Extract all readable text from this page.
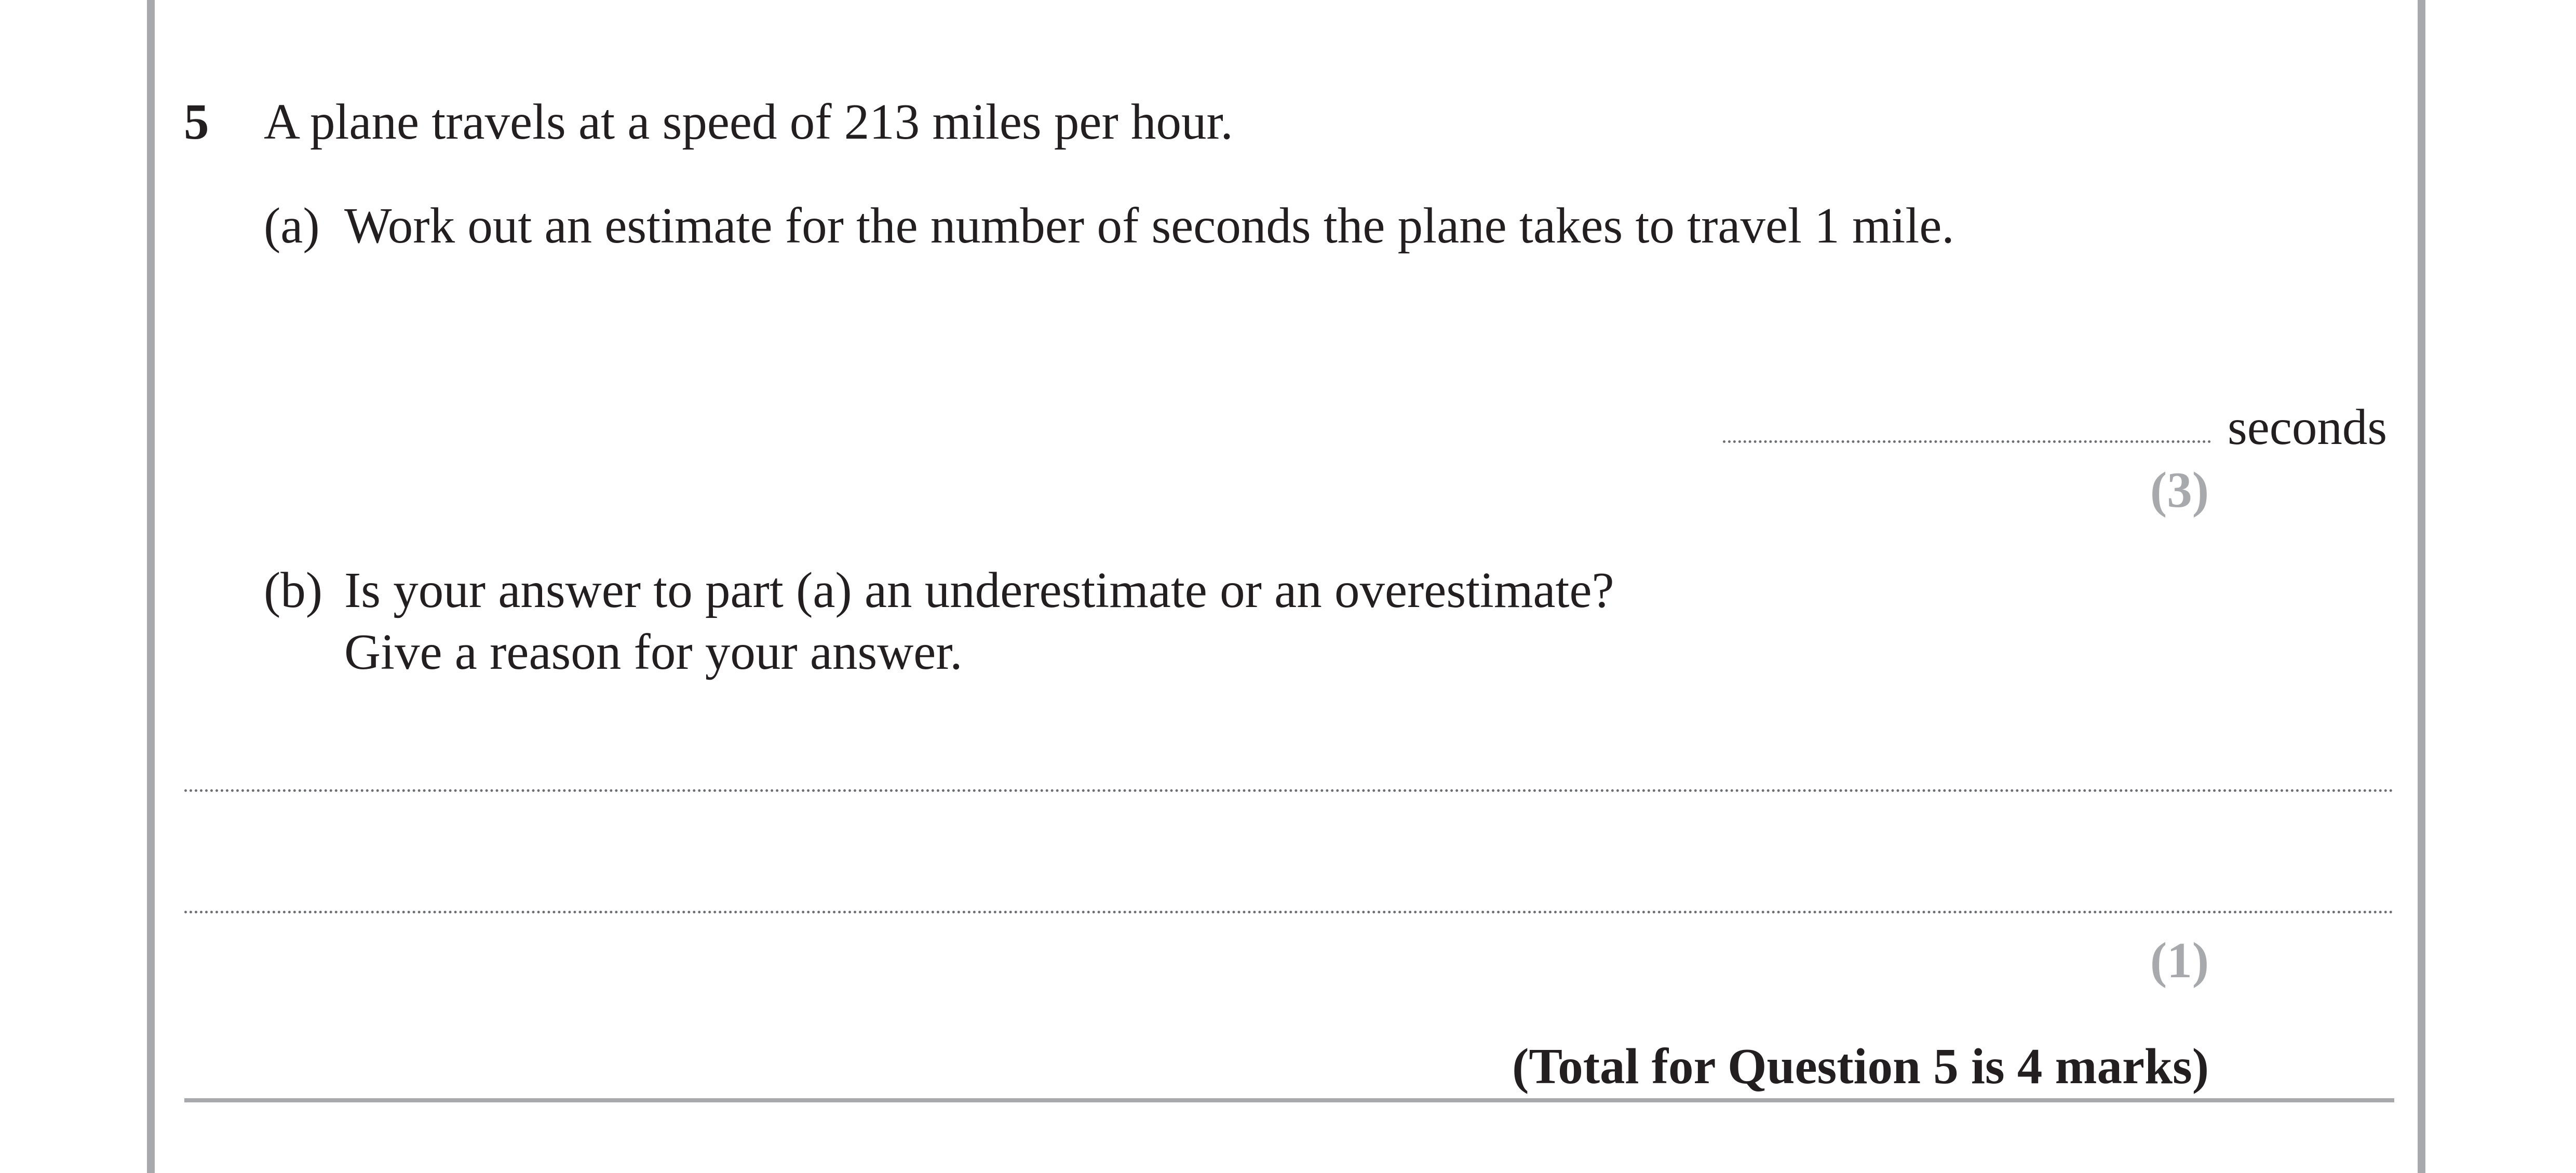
5 A plane travels at a speed of 213 miles per hour.
(a) Work out an estimate for the number of seconds the plane takes to travel 1 mile.
seconds
(3)
(b) Is your answer to part (a) an underestimate or an overestimate?
Give a reason for your answer.
(1)
(Total for Question 5 is 4 marks)
